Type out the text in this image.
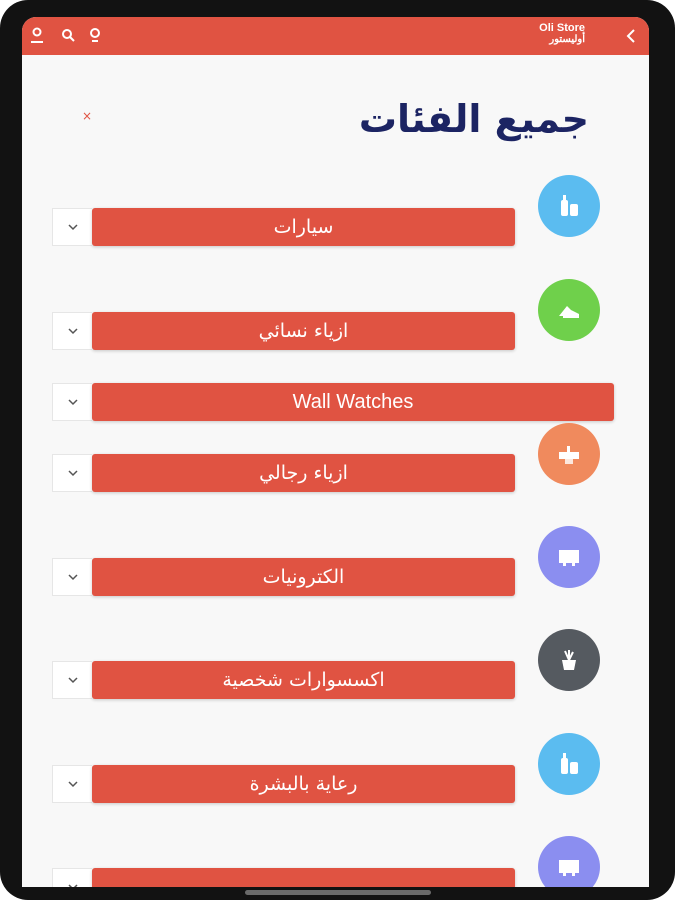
Oli Store
أوليستور
جميع الفئات
×
سيارات
ازياء نسائي
Wall Watches
ازياء رجالي
الكترونيات
اكسسوارات شخصية
رعاية بالبشرة
